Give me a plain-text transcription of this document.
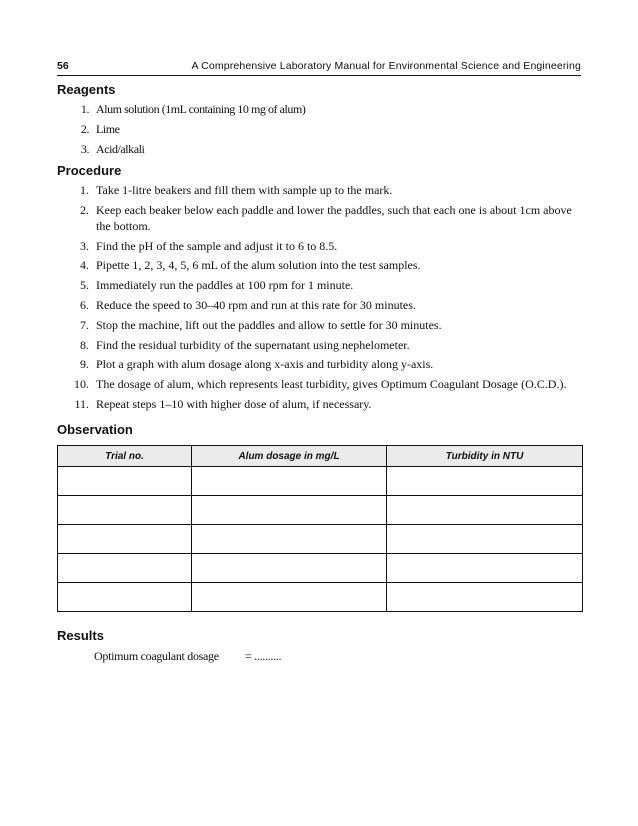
56	A Comprehensive Laboratory Manual for Environmental Science and Engineering
Reagents
1. Alum solution (1mL containing 10 mg of alum)
2. Lime
3. Acid/alkali
Procedure
1. Take 1-litre beakers and fill them with sample up to the mark.
2. Keep each beaker below each paddle and lower the paddles, such that each one is about 1cm above the bottom.
3. Find the pH of the sample and adjust it to 6 to 8.5.
4. Pipette 1, 2, 3, 4, 5, 6 mL of the alum solution into the test samples.
5. Immediately run the paddles at 100 rpm for 1 minute.
6. Reduce the speed to 30–40 rpm and run at this rate for 30 minutes.
7. Stop the machine, lift out the paddles and allow to settle for 30 minutes.
8. Find the residual turbidity of the supernatant using nephelometer.
9. Plot a graph with alum dosage along x-axis and turbidity along y-axis.
10. The dosage of alum, which represents least turbidity, gives Optimum Coagulant Dosage (O.C.D.).
11. Repeat steps 1–10 with higher dose of alum, if necessary.
Observation
Trial no.	Alum dosage in mg/L	Turbidity in NTU

Results
Optimum coagulant dosage = ..........
